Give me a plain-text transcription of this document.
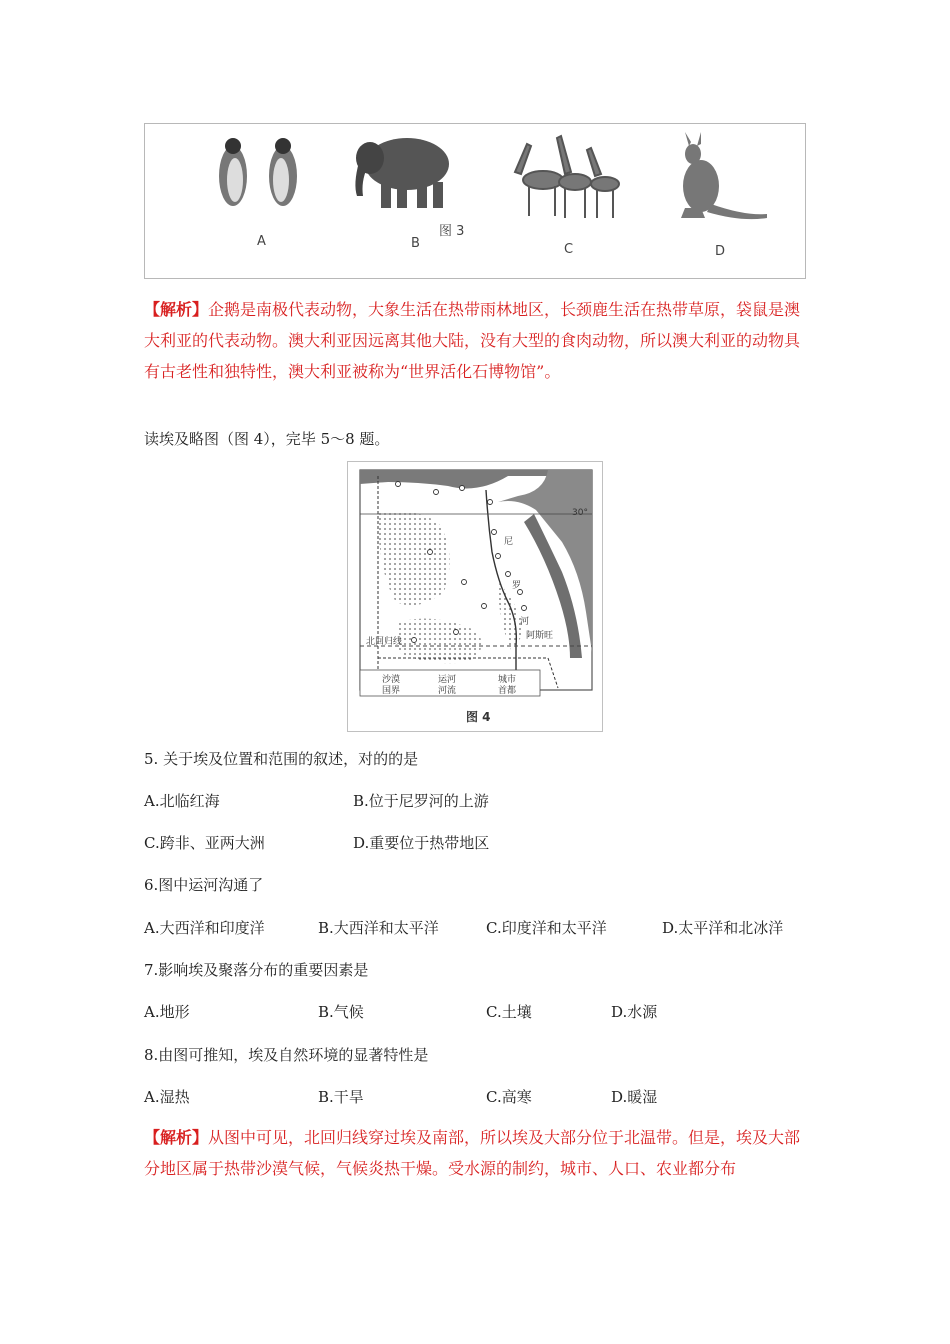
图 3
A	B	C	D
【解析】企鹅是南极代表动物，大象生活在热带雨林地区，长颈鹿生活在热带草原，袋鼠是澳大利亚的代表动物。澳大利亚因远离其他大陆，没有大型的食肉动物，所以澳大利亚的动物具有古老性和独特性，澳大利亚被称为“世界活化石博物馆”。
读埃及略图（图 4），完毕 5～8 题。
30°
北回归线
阿斯旺
尼
罗
河
沙漠	运河	城市
国界	河流	首都
图 4
5. 关于埃及位置和范围的叙述，对的的是
A.北临红海	B.位于尼罗河的上游
C.跨非、亚两大洲	D.重要位于热带地区
6.图中运河沟通了
A.大西洋和印度洋	B.大西洋和太平洋	C.印度洋和太平洋	D.太平洋和北冰洋
7.影响埃及聚落分布的重要因素是
A.地形	B.气候	C.土壤	D.水源
8.由图可推知，埃及自然环境的显著特性是
A.湿热	B.干旱	C.高寒	D.暖湿
【解析】从图中可见，北回归线穿过埃及南部，所以埃及大部分位于北温带。但是，埃及大部分地区属于热带沙漠气候，气候炎热干燥。受水源的制约，城市、人口、农业都分布
